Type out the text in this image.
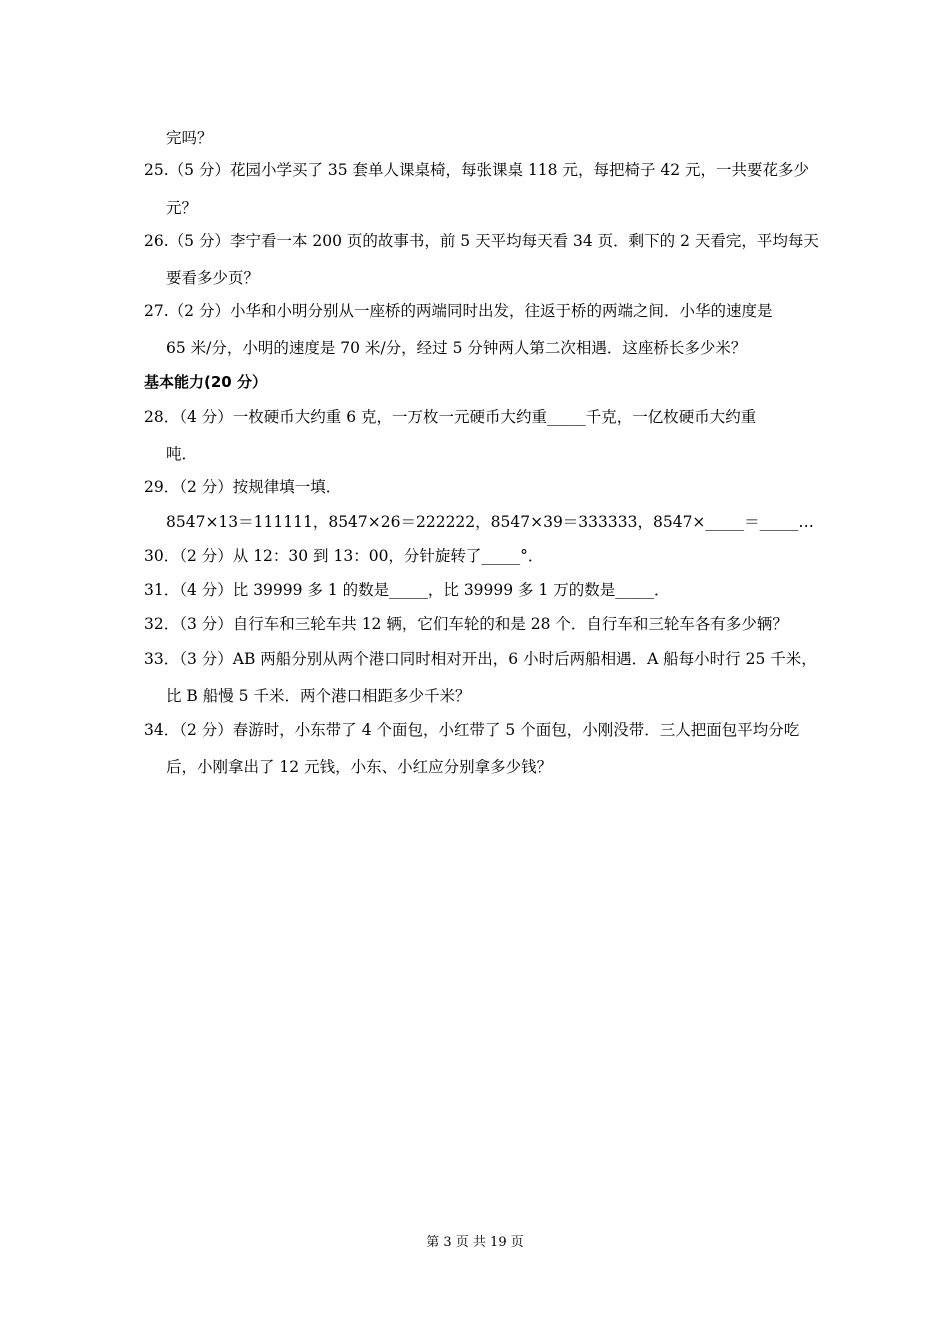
完吗？
25.（5 分）花园小学买了 35 套单人课桌椅，每张课桌 118 元，每把椅子 42 元，一共要花多少
元？
26.（5 分）李宁看一本 200 页的故事书，前 5 天平均每天看 34 页．剩下的 2 天看完，平均每天
要看多少页？
27.（2 分）小华和小明分别从一座桥的两端同时出发，往返于桥的两端之间．小华的速度是
65 米/分，小明的速度是 70 米/分，经过 5 分钟两人第二次相遇．这座桥长多少米？
基本能力(20 分）
28．（4 分）一枚硬币大约重 6 克，一万枚一元硬币大约重_____千克，一亿枚硬币大约重
吨．
29．（2 分）按规律填一填．
8547×13＝111111，8547×26＝222222，8547×39＝333333，8547×_____＝_____…
30．（2 分）从 12：30 到 13：00，分针旋转了_____°．
31．（4 分）比 39999 多 1 的数是_____，比 39999 多 1 万的数是_____．
32．（3 分）自行车和三轮车共 12 辆，它们车轮的和是 28 个．自行车和三轮车各有多少辆？
33．（3 分）AB 两船分别从两个港口同时相对开出，6 小时后两船相遇．A 船每小时行 25 千米，
比 B 船慢 5 千米．两个港口相距多少千米？
34．（2 分）春游时，小东带了 4 个面包，小红带了 5 个面包，小刚没带．三人把面包平均分吃
后，小刚拿出了 12 元钱，小东、小红应分别拿多少钱？
第 3 页 共 19 页
